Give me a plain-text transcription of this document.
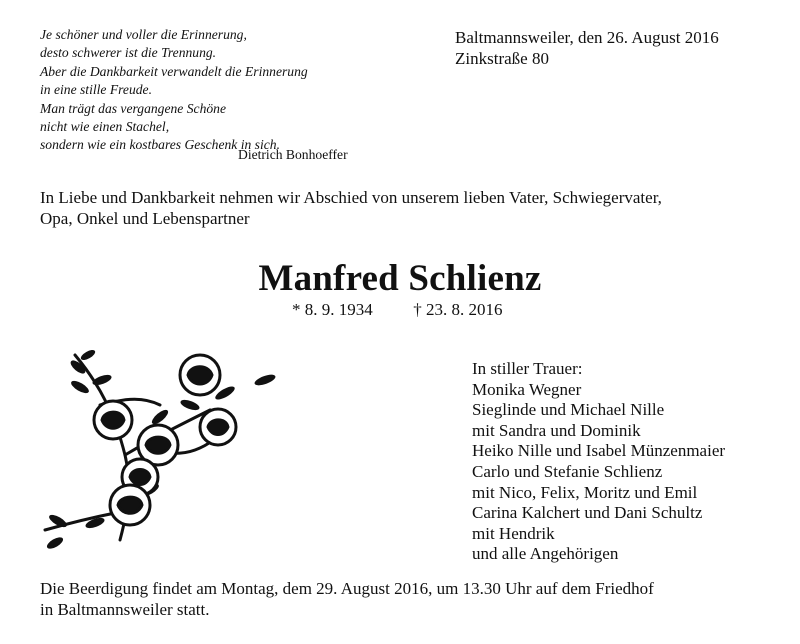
Je schöner und voller die Erinnerung,
desto schwerer ist die Trennung.
Aber die Dankbarkeit verwandelt die Erinnerung
in eine stille Freude.
Man trägt das vergangene Schöne
nicht wie einen Stachel,
sondern wie ein kostbares Geschenk in sich.
Dietrich Bonhoeffer
Baltmannsweiler, den 26. August 2016
Zinkstraße 80
In Liebe und Dankbarkeit nehmen wir Abschied von unserem lieben Vater, Schwiegervater,
Opa, Onkel und Lebenspartner
Manfred Schlienz
* 8. 9. 1934 † 23. 8. 2016
In stiller Trauer:
Monika Wegner
Sieglinde und Michael Nille
mit Sandra und Dominik
Heiko Nille und Isabel Münzenmaier
Carlo und Stefanie Schlienz
mit Nico, Felix, Moritz und Emil
Carina Kalchert und Dani Schultz
mit Hendrik
und alle Angehörigen
Die Beerdigung findet am Montag, dem 29. August 2016, um 13.30 Uhr auf dem Friedhof
in Baltmannsweiler statt.
